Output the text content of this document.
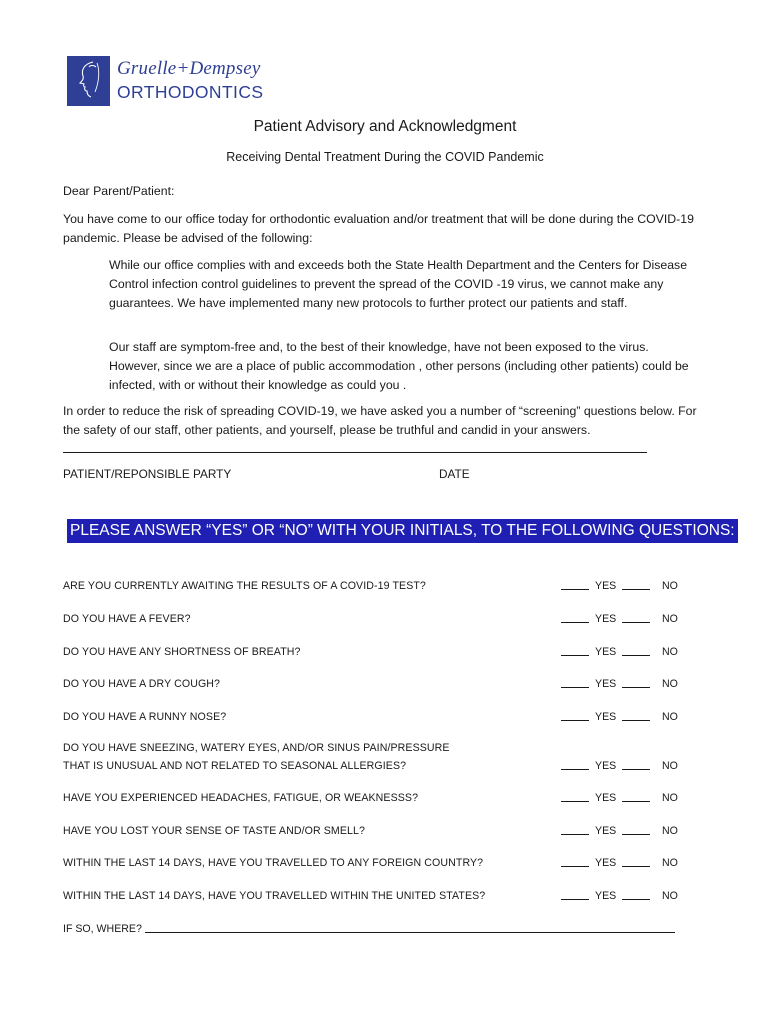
Gruelle+Dempsey
ORTHODONTICS
Patient Advisory and Acknowledgment
Receiving Dental Treatment During the COVID Pandemic
Dear Parent/Patient:
You have come to our office today for orthodontic evaluation and/or treatment that will be done during the COVID-19 pandemic. Please be advised of the following:
While our office complies with and exceeds both the State Health Department and the Centers for Disease Control infection control guidelines to prevent the spread of the COVID -19 virus, we cannot make any guarantees. We have implemented many new protocols to further protect our patients and staff.
Our staff are symptom-free and, to the best of their knowledge, have not been exposed to the virus. However, since we are a place of public accommodation , other persons (including other patients) could be infected, with or without their knowledge as could you .
In order to reduce the risk of spreading COVID-19, we have asked you a number of “screening” questions below. For the safety of our staff, other patients, and yourself, please be truthful and candid in your answers.
PATIENT/REPONSIBLE PARTY	DATE
PLEASE ANSWER “YES” OR “NO” WITH YOUR INITIALS, TO THE FOLLOWING QUESTIONS:
ARE YOU CURRENTLY AWAITING THE RESULTS OF A COVID-19 TEST?	YES	NO
DO YOU HAVE A FEVER?	YES	NO
DO YOU HAVE ANY SHORTNESS OF BREATH?	YES	NO
DO YOU HAVE A DRY COUGH?	YES	NO
DO YOU HAVE A RUNNY NOSE?	YES	NO
DO YOU HAVE SNEEZING, WATERY EYES, AND/OR SINUS PAIN/PRESSURE
THAT IS UNUSUAL AND NOT RELATED TO SEASONAL ALLERGIES?	YES	NO
HAVE YOU EXPERIENCED HEADACHES, FATIGUE, OR WEAKNESSS?	YES	NO
HAVE YOU LOST YOUR SENSE OF TASTE AND/OR SMELL?	YES	NO
WITHIN THE LAST 14 DAYS, HAVE YOU TRAVELLED TO ANY FOREIGN COUNTRY?	YES	NO
WITHIN THE LAST 14 DAYS, HAVE YOU TRAVELLED WITHIN THE UNITED STATES?	YES	NO
IF SO, WHERE?
